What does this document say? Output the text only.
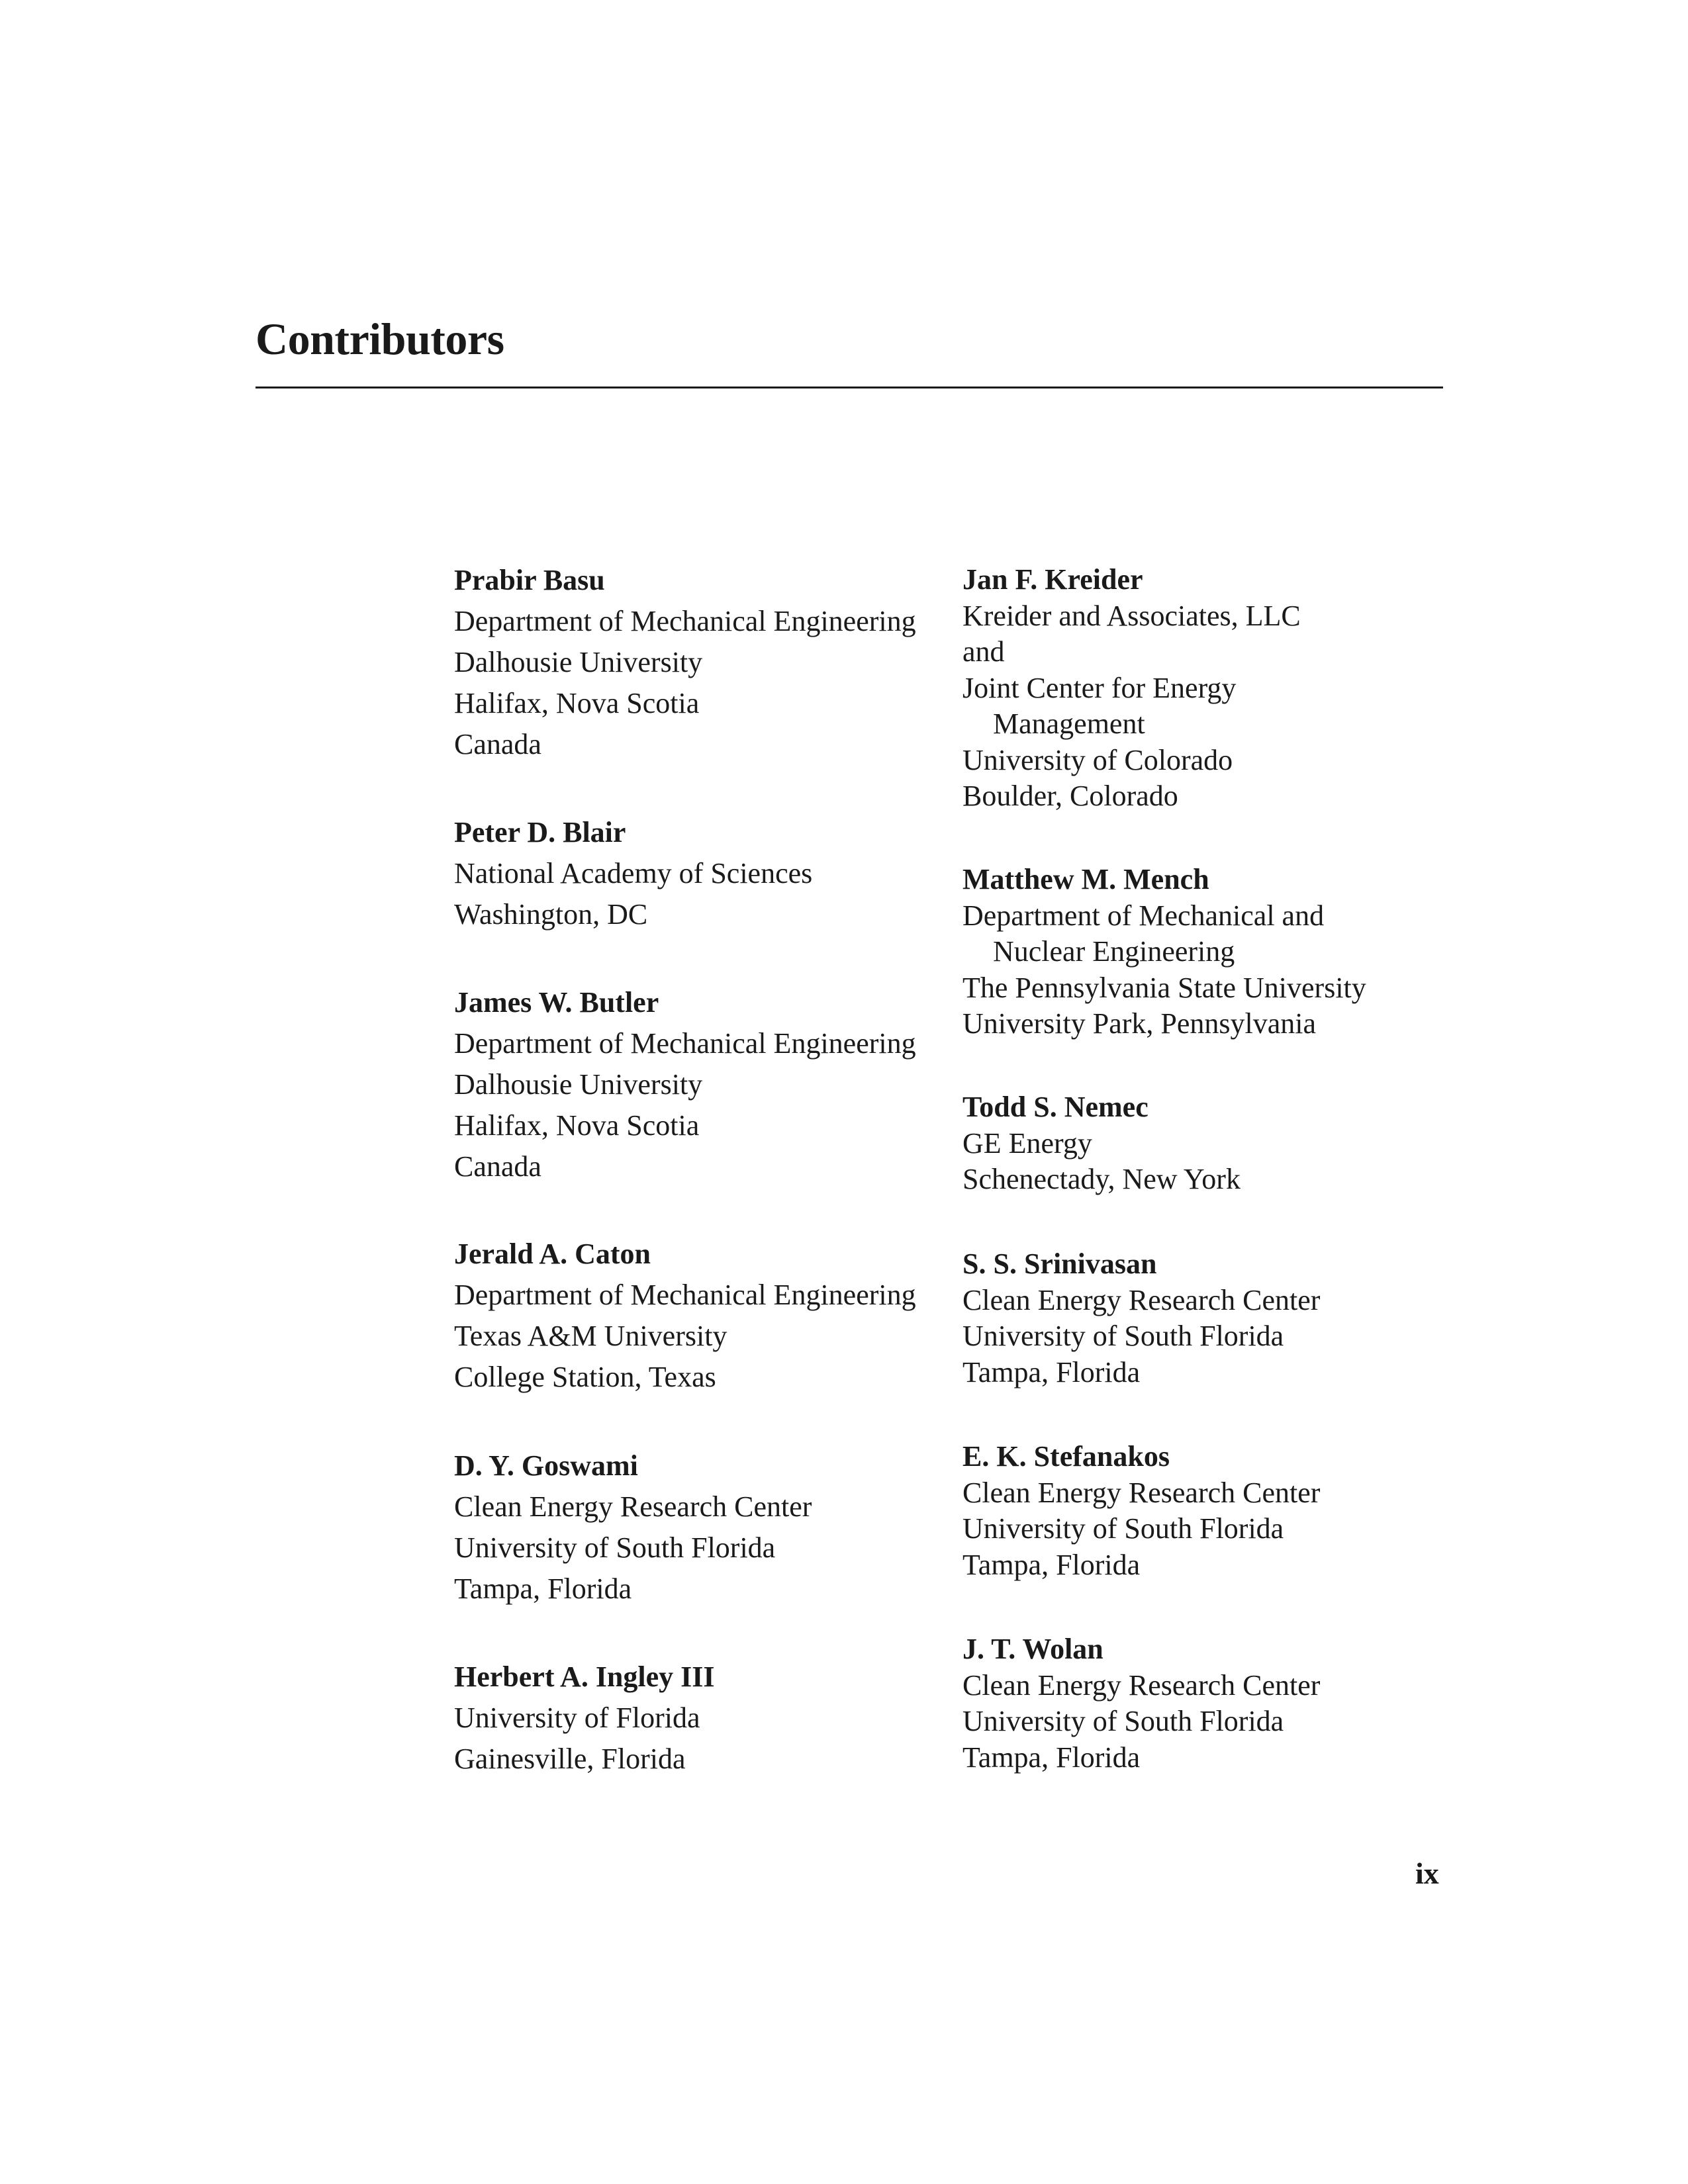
Contributors
Prabir Basu
Department of Mechanical Engineering
Dalhousie University
Halifax, Nova Scotia
Canada
Peter D. Blair
National Academy of Sciences
Washington, DC
James W. Butler
Department of Mechanical Engineering
Dalhousie University
Halifax, Nova Scotia
Canada
Jerald A. Caton
Department of Mechanical Engineering
Texas A&M University
College Station, Texas
D. Y. Goswami
Clean Energy Research Center
University of South Florida
Tampa, Florida
Herbert A. Ingley III
University of Florida
Gainesville, Florida
Jan F. Kreider
Kreider and Associates, LLC
and
Joint Center for Energy
Management
University of Colorado
Boulder, Colorado
Matthew M. Mench
Department of Mechanical and
Nuclear Engineering
The Pennsylvania State University
University Park, Pennsylvania
Todd S. Nemec
GE Energy
Schenectady, New York
S. S. Srinivasan
Clean Energy Research Center
University of South Florida
Tampa, Florida
E. K. Stefanakos
Clean Energy Research Center
University of South Florida
Tampa, Florida
J. T. Wolan
Clean Energy Research Center
University of South Florida
Tampa, Florida
ix
